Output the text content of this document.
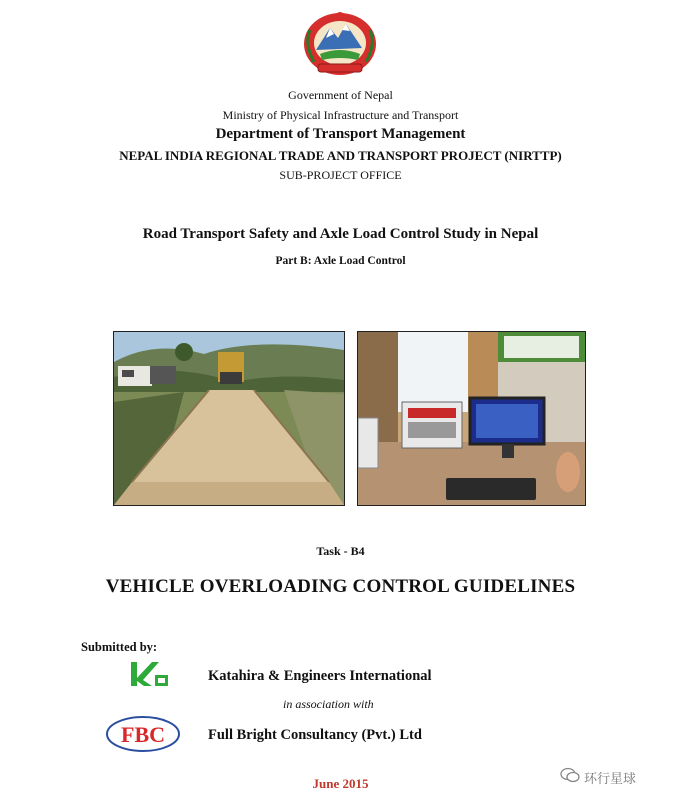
Government of Nepal
Ministry of Physical Infrastructure and Transport
Department of Transport Management
NEPAL INDIA REGIONAL TRADE AND TRANSPORT PROJECT (NIRTTP)
SUB-PROJECT OFFICE
Road Transport Safety and Axle Load Control Study in Nepal
Part B: Axle Load Control
Task - B4
VEHICLE OVERLOADING CONTROL GUIDELINES
Submitted by:
Katahira & Engineers International
in association with
FBC	Full Bright Consultancy (Pvt.) Ltd
June 2015	环行星球
